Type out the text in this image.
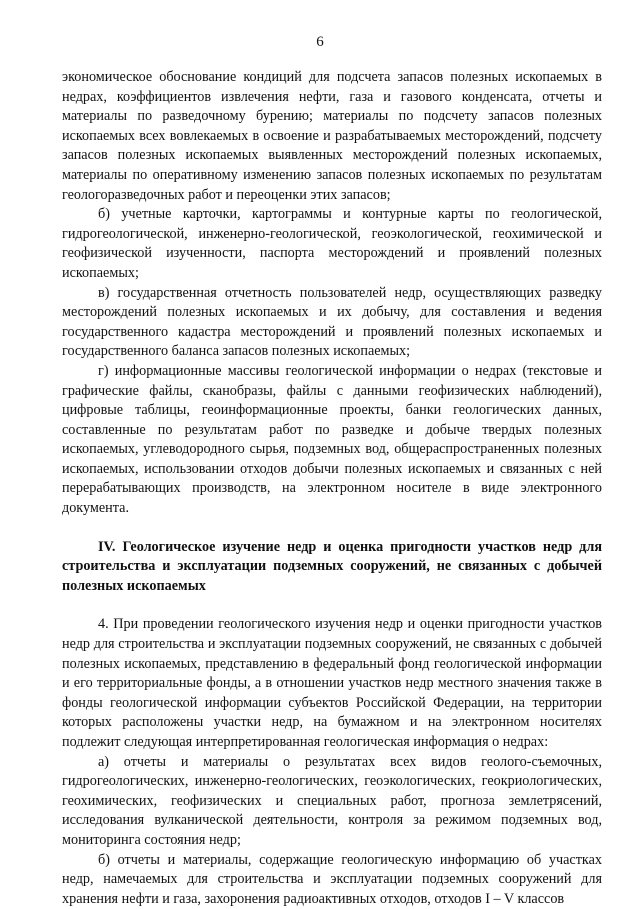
6

экономическое обоснование кондиций для подсчета запасов полезных ископаемых в недрах, коэффициентов извлечения нефти, газа и газового конденсата, отчеты и материалы по разведочному бурению; материалы по подсчету запасов полезных ископаемых всех вовлекаемых в освоение и разрабатываемых месторождений, подсчету запасов полезных ископаемых выявленных месторождений полезных ископаемых, материалы по оперативному изменению запасов полезных ископаемых по результатам геологоразведочных работ и переоценки этих запасов;

б) учетные карточки, картограммы и контурные карты по геологической, гидрогеологической, инженерно-геологической, геоэкологической, геохимической и геофизической изученности, паспорта месторождений и проявлений полезных ископаемых;

в) государственная отчетность пользователей недр, осуществляющих разведку месторождений полезных ископаемых и их добычу, для составления и ведения государственного кадастра месторождений и проявлений полезных ископаемых и государственного баланса запасов полезных ископаемых;

г) информационные массивы геологической информации о недрах (текстовые и графические файлы, сканобразы, файлы с данными геофизических наблюдений), цифровые таблицы, геоинформационные проекты, банки геологических данных, составленные по результатам работ по разведке и добыче твердых полезных ископаемых, углеводородного сырья, подземных вод, общераспространенных полезных ископаемых, использовании отходов добычи полезных ископаемых и связанных с ней перерабатывающих производств, на электронном носителе в виде электронного документа.

IV. Геологическое изучение недр и оценка пригодности участков недр для строительства и эксплуатации подземных сооружений, не связанных с добычей полезных ископаемых

4. При проведении геологического изучения недр и оценки пригодности участков недр для строительства и эксплуатации подземных сооружений, не связанных с добычей полезных ископаемых, представлению в федеральный фонд геологической информации и его территориальные фонды, а в отношении участков недр местного значения также в фонды геологической информации субъектов Российской Федерации, на территории которых расположены участки недр, на бумажном и на электронном носителях подлежит следующая интерпретированная геологическая информация о недрах:

а) отчеты и материалы о результатах всех видов геолого-съемочных, гидрогеологических, инженерно-геологических, геоэкологических, геокриологических, геохимических, геофизических и специальных работ, прогноза землетрясений, исследования вулканической деятельности, контроля за режимом подземных вод, мониторинга состояния недр;

б) отчеты и материалы, содержащие геологическую информацию об участках недр, намечаемых для строительства и эксплуатации подземных сооружений для хранения нефти и газа, захоронения радиоактивных отходов, отходов I – V классов
